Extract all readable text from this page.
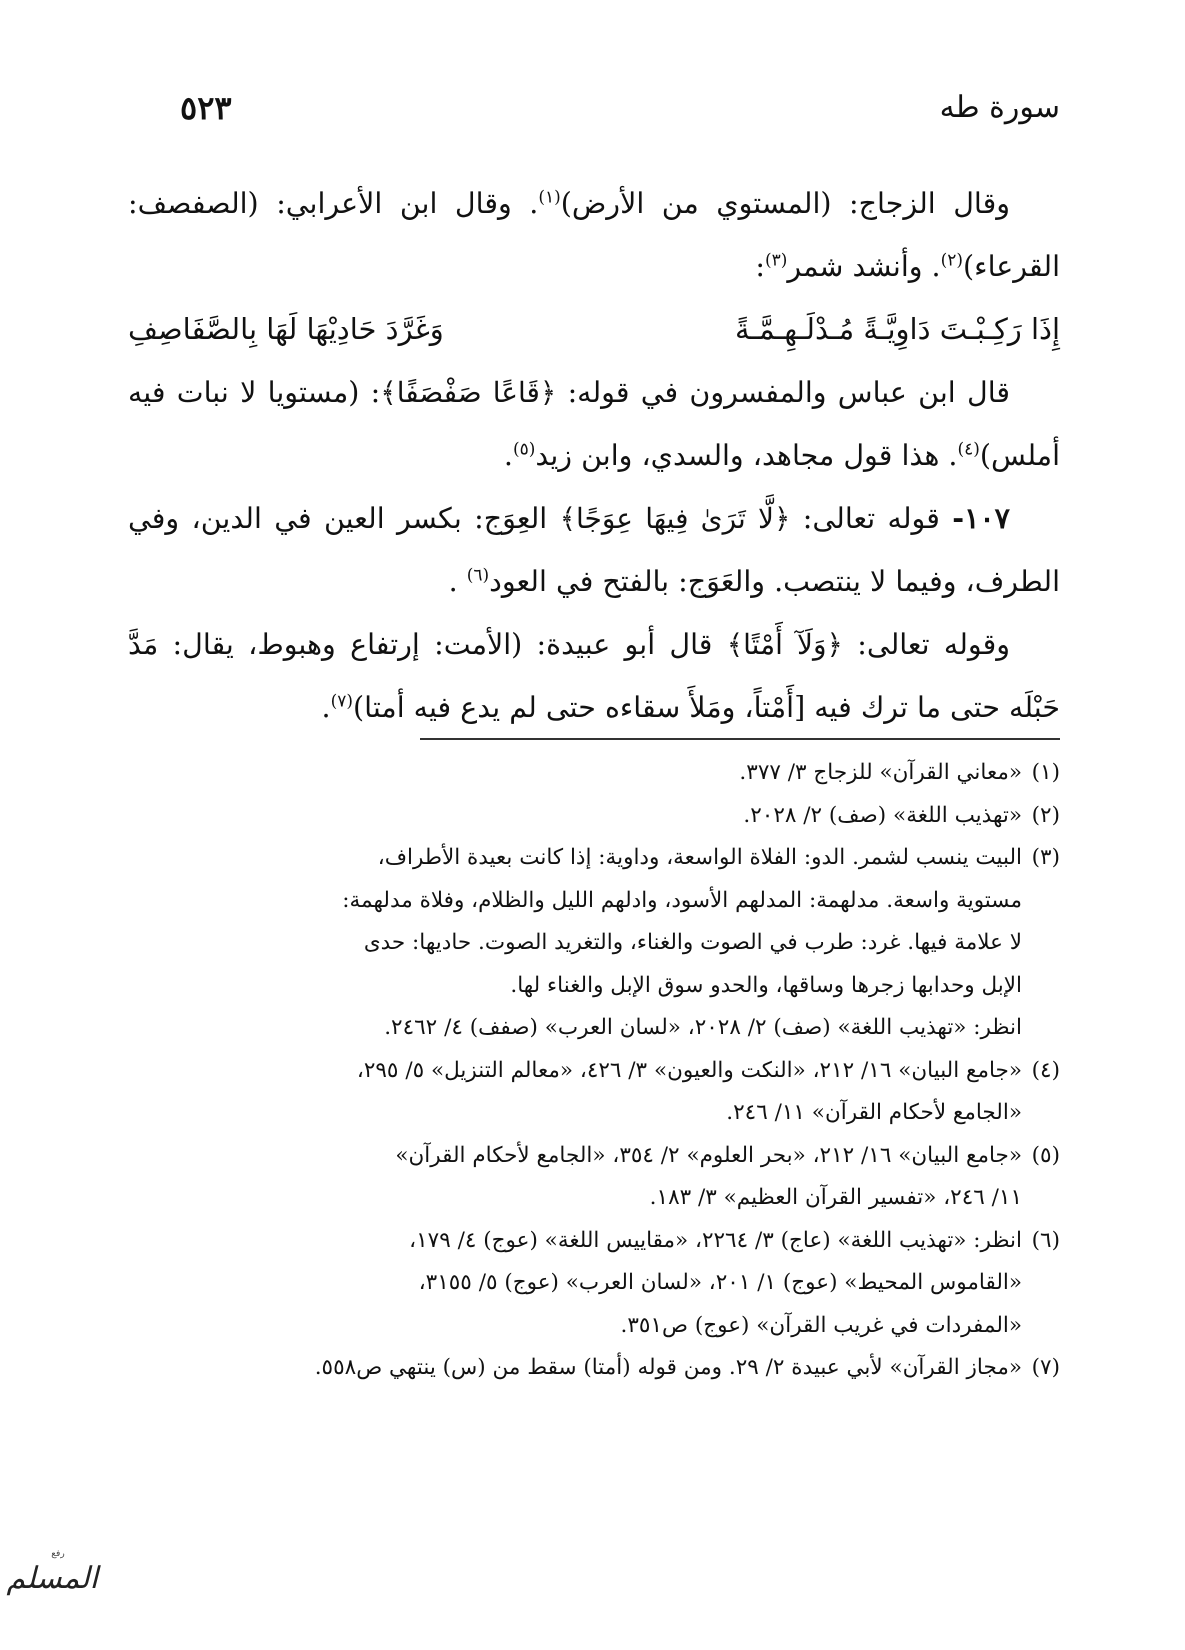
سورة طه
٥٢٣

وقال الزجاج: (المستوي من الأرض)$^{(١)}$. وقال ابن الأعرابي: (الصفصف: القرعاء)$^{(٢)}$. وأنشد شمر$^{(٣)}$:

إِذَا رَكِـبْـتَ دَاوِيَّـةً مُـدْلَـهِـمَّـةً وَغَرَّدَ حَادِيْهَا لَهَا بِالصَّفَاصِفِ

قال ابن عباس والمفسرون في قوله: ﴿قَاعًا صَفْصَفًا﴾: (مستويا لا نبات فيه أملس)$^{(٤)}$. هذا قول مجاهد، والسدي، وابن زيد$^{(٥)}$.

١٠٧- قوله تعالى: ﴿لَّا تَرَىٰ فِيهَا عِوَجًا﴾ العِوَج: بكسر العين في الدين، وفي الطرف، وفيما لا ينتصب. والعَوَج: بالفتح في العود$^{(٦)}$ .

وقوله تعالى: ﴿وَلَآ أَمْتًا﴾ قال أبو عبيدة: (الأمت: إرتفاع وهبوط، يقال: مَدَّ حَبْلَه حتى ما ترك فيه [أَمْتاً، ومَلأَ سقاءه حتى لم يدع فيه أمتا)$^{(٧)}$.

(١)
«معاني القرآن» للزجاج ٣/ ٣٧٧.
(٢)
«تهذيب اللغة» (صف) ٢/ ٢٠٢٨.
(٣)
البيت ينسب لشمر. الدو: الفلاة الواسعة، وداوية: إذا كانت بعيدة الأطراف،
مستوية واسعة. مدلهمة: المدلهم الأسود، وادلهم الليل والظلام، وفلاة مدلهمة:
لا علامة فيها. غرد: طرب في الصوت والغناء، والتغريد الصوت. حاديها: حدى
الإبل وحدابها زجرها وساقها، والحدو سوق الإبل والغناء لها.
انظر: «تهذيب اللغة» (صف) ٢/ ٢٠٢٨، «لسان العرب» (صفف) ٤/ ٢٤٦٢.
(٤)
«جامع البيان» ١٦/ ٢١٢، «النكت والعيون» ٣/ ٤٢٦، «معالم التنزيل» ٥/ ٢٩٥،
«الجامع لأحكام القرآن» ١١/ ٢٤٦.
(٥)
«جامع البيان» ١٦/ ٢١٢، «بحر العلوم» ٢/ ٣٥٤، «الجامع لأحكام القرآن»
١١/ ٢٤٦، «تفسير القرآن العظيم» ٣/ ١٨٣.
(٦)
انظر: «تهذيب اللغة» (عاج) ٣/ ٢٢٦٤، «مقاييس اللغة» (عوج) ٤/ ١٧٩،
«القاموس المحيط» (عوج) ١/ ٢٠١، «لسان العرب» (عوج) ٥/ ٣١٥٥،
«المفردات في غريب القرآن» (عوج) ص٣٥١.
(٧)
«مجاز القرآن» لأبي عبيدة ٢/ ٢٩. ومن قوله (أمتا) سقط من (س) ينتهي ص٥٥٨.
رفع
المسلم
